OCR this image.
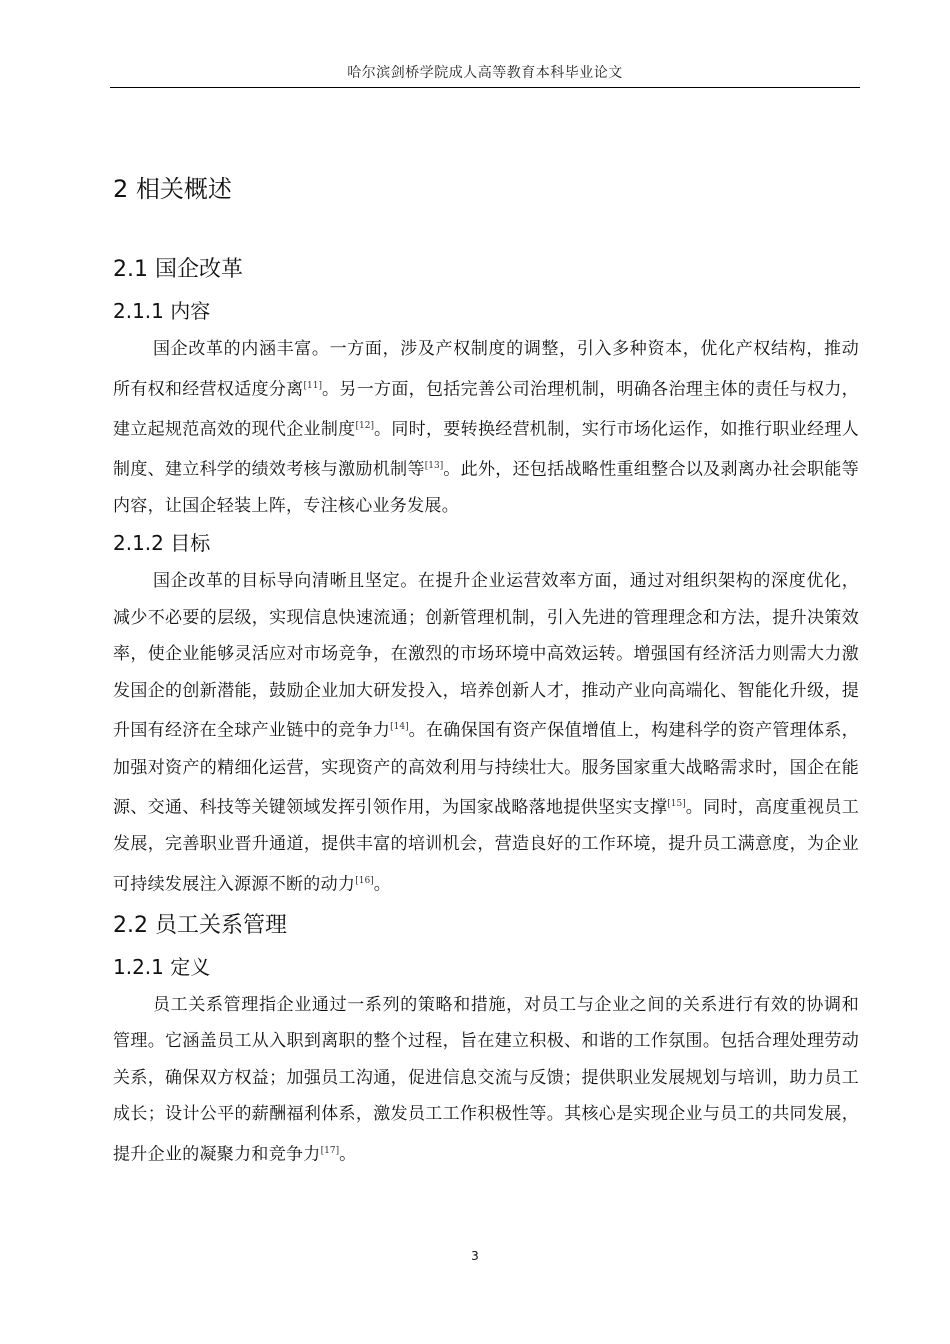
哈尔滨剑桥学院成人高等教育本科毕业论文
2 相关概述
2.1 国企改革
2.1.1 内容

国企改革的内涵丰富。一方面，涉及产权制度的调整，引入多种资本，优化产权结构，推动所有权和经营权适度分离[11]。另一方面，包括完善公司治理机制，明确各治理主体的责任与权力，建立起规范高效的现代企业制度[12]。同时，要转换经营机制，实行市场化运作，如推行职业经理人制度、建立科学的绩效考核与激励机制等[13]。此外，还包括战略性重组整合以及剥离办社会职能等内容，让国企轻装上阵，专注核心业务发展。

2.1.2 目标

国企改革的目标导向清晰且坚定。在提升企业运营效率方面，通过对组织架构的深度优化，减少不必要的层级，实现信息快速流通；创新管理机制，引入先进的管理理念和方法，提升决策效率，使企业能够灵活应对市场竞争，在激烈的市场环境中高效运转。增强国有经济活力则需大力激发国企的创新潜能，鼓励企业加大研发投入，培养创新人才，推动产业向高端化、智能化升级，提升国有经济在全球产业链中的竞争力[14]。在确保国有资产保值增值上，构建科学的资产管理体系，加强对资产的精细化运营，实现资产的高效利用与持续壮大。服务国家重大战略需求时，国企在能源、交通、科技等关键领域发挥引领作用，为国家战略落地提供坚实支撑[15]。同时，高度重视员工发展，完善职业晋升通道，提供丰富的培训机会，营造良好的工作环境，提升员工满意度，为企业可持续发展注入源源不断的动力[16]。

2.2 员工关系管理
1.2.1 定义

员工关系管理指企业通过一系列的策略和措施，对员工与企业之间的关系进行有效的协调和管理。它涵盖员工从入职到离职的整个过程，旨在建立积极、和谐的工作氛围。包括合理处理劳动关系，确保双方权益；加强员工沟通，促进信息交流与反馈；提供职业发展规划与培训，助力员工成长；设计公平的薪酬福利体系，激发员工工作积极性等。其核心是实现企业与员工的共同发展，提升企业的凝聚力和竞争力[17]。

3
